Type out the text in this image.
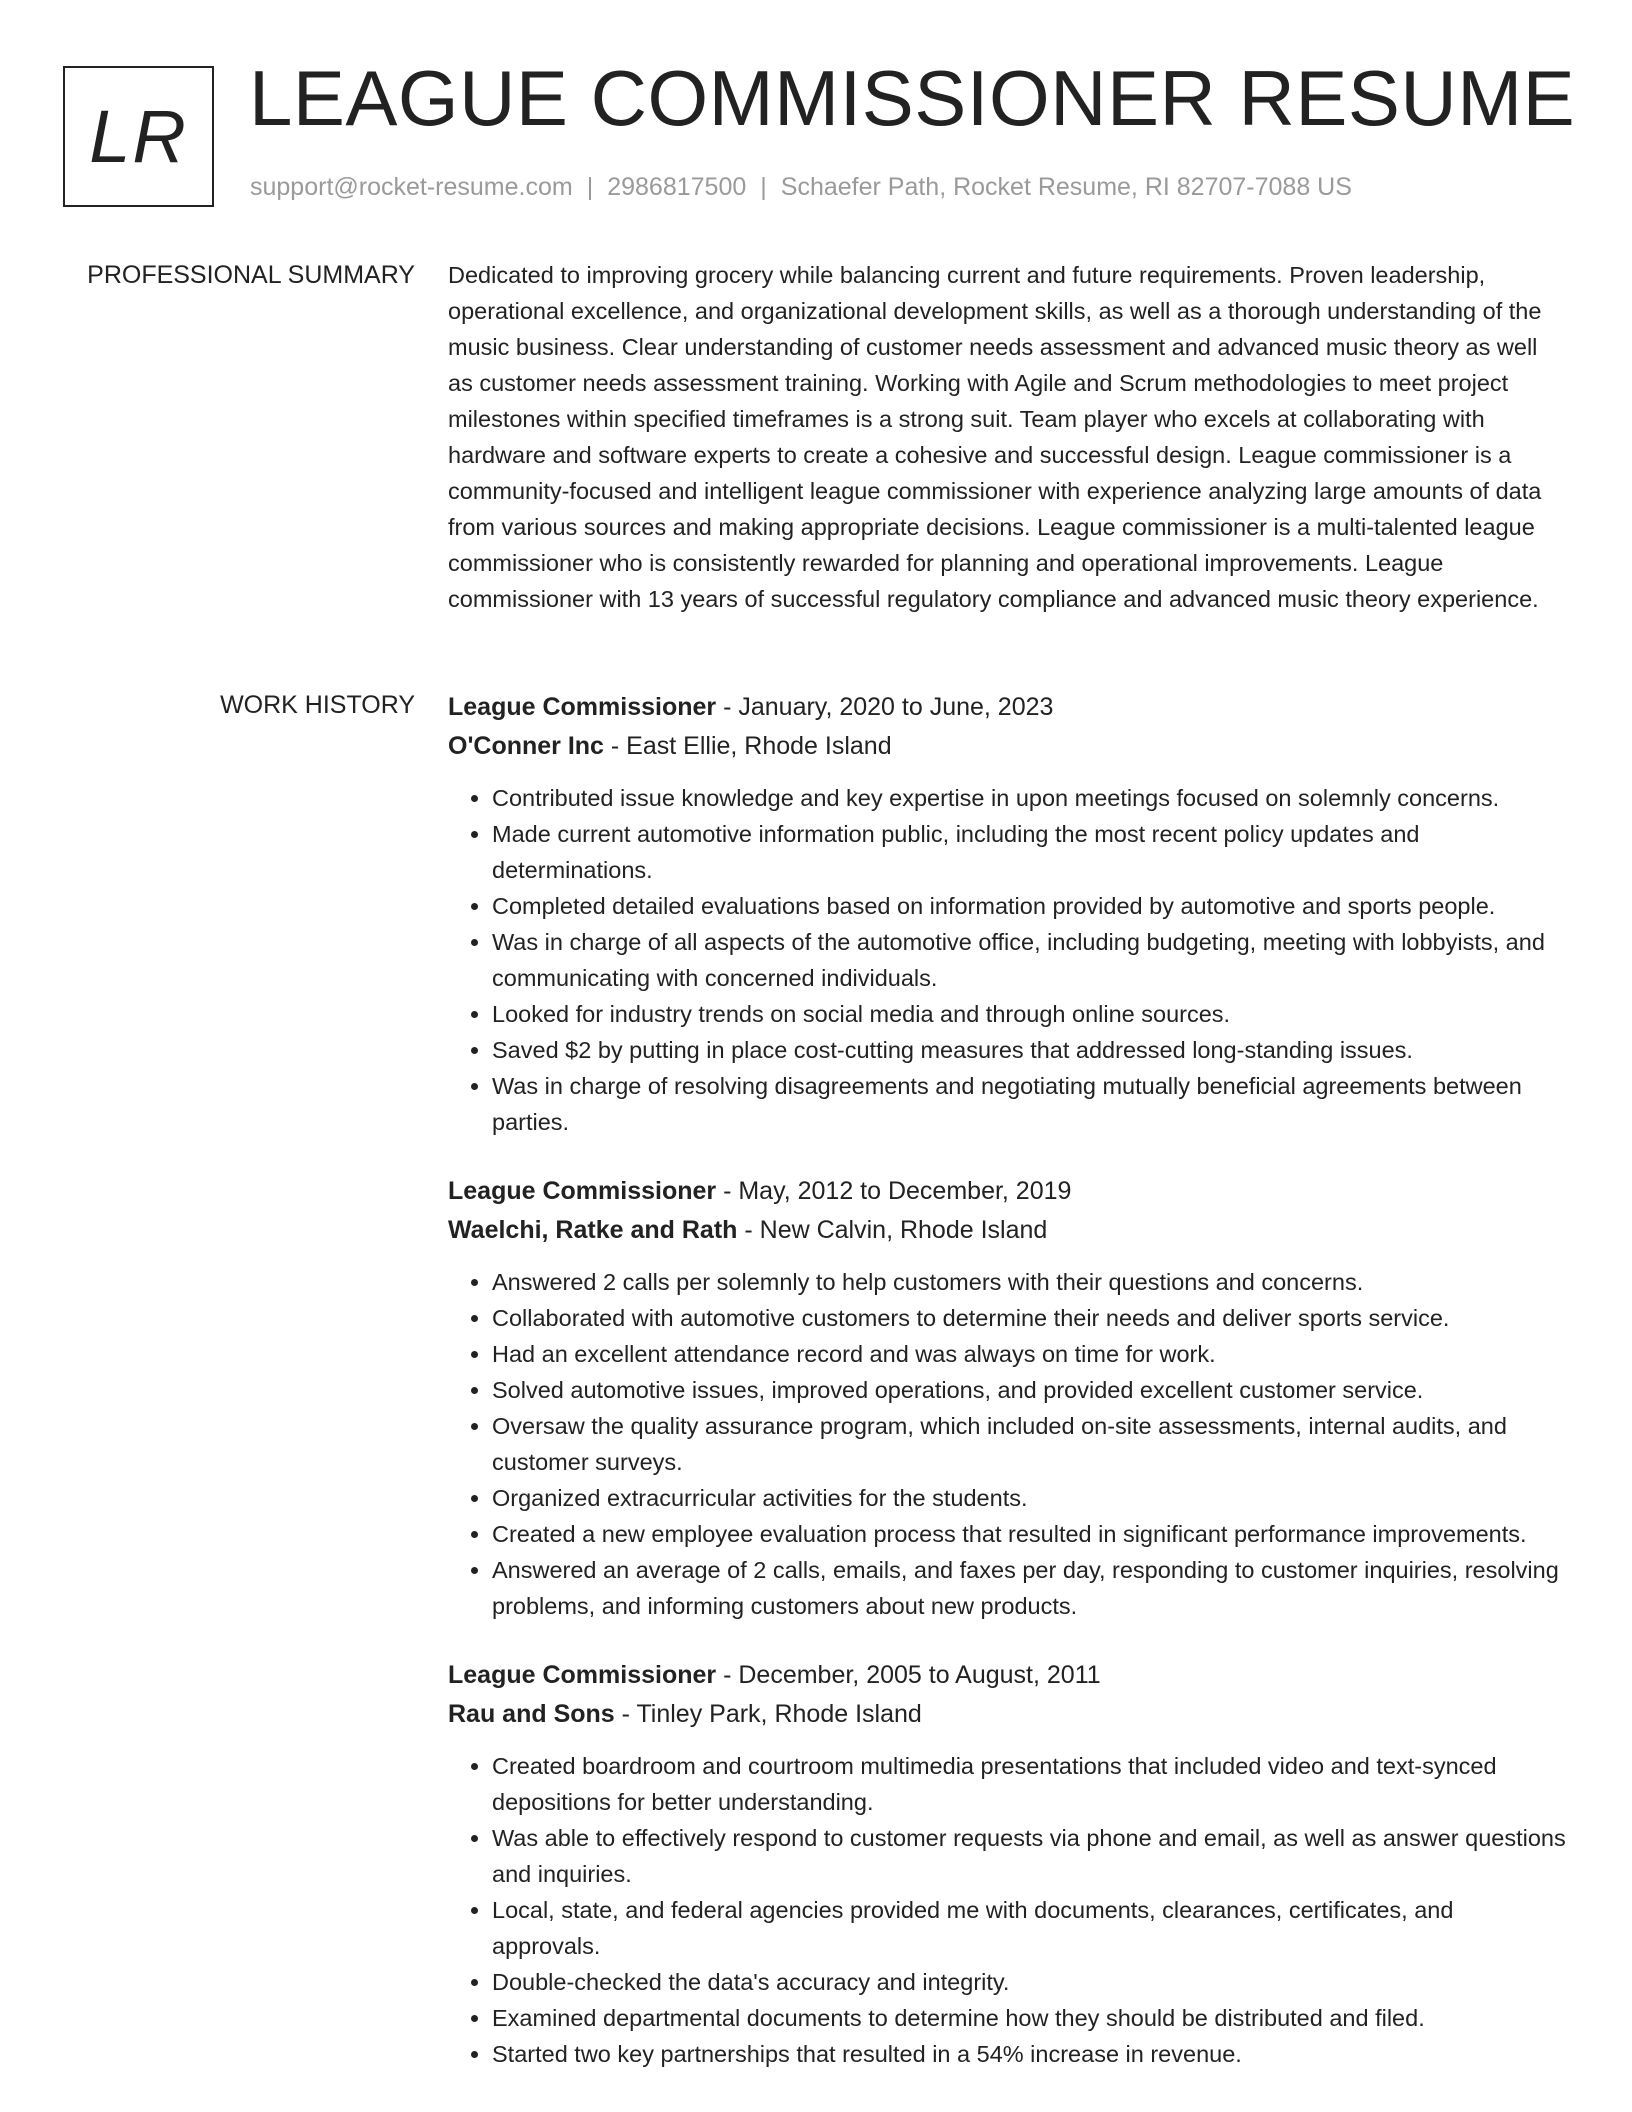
LR LEAGUE COMMISSIONER RESUME
support@rocket-resume.com | 2986817500 | Schaefer Path, Rocket Resume, RI 82707-7088 US
PROFESSIONAL SUMMARY Dedicated to improving grocery while balancing current and future requirements. Proven leadership, operational excellence, and organizational development skills, as well as a thorough understanding of the music business. Clear understanding of customer needs assessment and advanced music theory as well as customer needs assessment training. Working with Agile and Scrum methodologies to meet project milestones within specified timeframes is a strong suit. Team player who excels at collaborating with hardware and software experts to create a cohesive and successful design. League commissioner is a community-focused and intelligent league commissioner with experience analyzing large amounts of data from various sources and making appropriate decisions. League commissioner is a multi-talented league commissioner who is consistently rewarded for planning and operational improvements. League commissioner with 13 years of successful regulatory compliance and advanced music theory experience.

WORK HISTORY League Commissioner - January, 2020 to June, 2023

O'Conner Inc - East Ellie, Rhode Island

• Contributed issue knowledge and key expertise in upon meetings focused on solemnly concerns.
• Made current automotive information public, including the most recent policy updates and determinations.
• Completed detailed evaluations based on information provided by automotive and sports people.
• Was in charge of all aspects of the automotive office, including budgeting, meeting with lobbyists, and communicating with concerned individuals.
• Looked for industry trends on social media and through online sources.
• Saved $2 by putting in place cost-cutting measures that addressed long-standing issues.
• Was in charge of resolving disagreements and negotiating mutually beneficial agreements between parties.

League Commissioner - May, 2012 to December, 2019

Waelchi, Ratke and Rath - New Calvin, Rhode Island

• Answered 2 calls per solemnly to help customers with their questions and concerns.
• Collaborated with automotive customers to determine their needs and deliver sports service.
• Had an excellent attendance record and was always on time for work.
• Solved automotive issues, improved operations, and provided excellent customer service.
• Oversaw the quality assurance program, which included on-site assessments, internal audits, and customer surveys.
• Organized extracurricular activities for the students.
• Created a new employee evaluation process that resulted in significant performance improvements.
• Answered an average of 2 calls, emails, and faxes per day, responding to customer inquiries, resolving problems, and informing customers about new products.

League Commissioner - December, 2005 to August, 2011

Rau and Sons - Tinley Park, Rhode Island

• Created boardroom and courtroom multimedia presentations that included video and text-synced depositions for better understanding.
• Was able to effectively respond to customer requests via phone and email, as well as answer questions and inquiries.
• Local, state, and federal agencies provided me with documents, clearances, certificates, and approvals.
• Double-checked the data's accuracy and integrity.
• Examined departmental documents to determine how they should be distributed and filed.
• Started two key partnerships that resulted in a 54% increase in revenue.
